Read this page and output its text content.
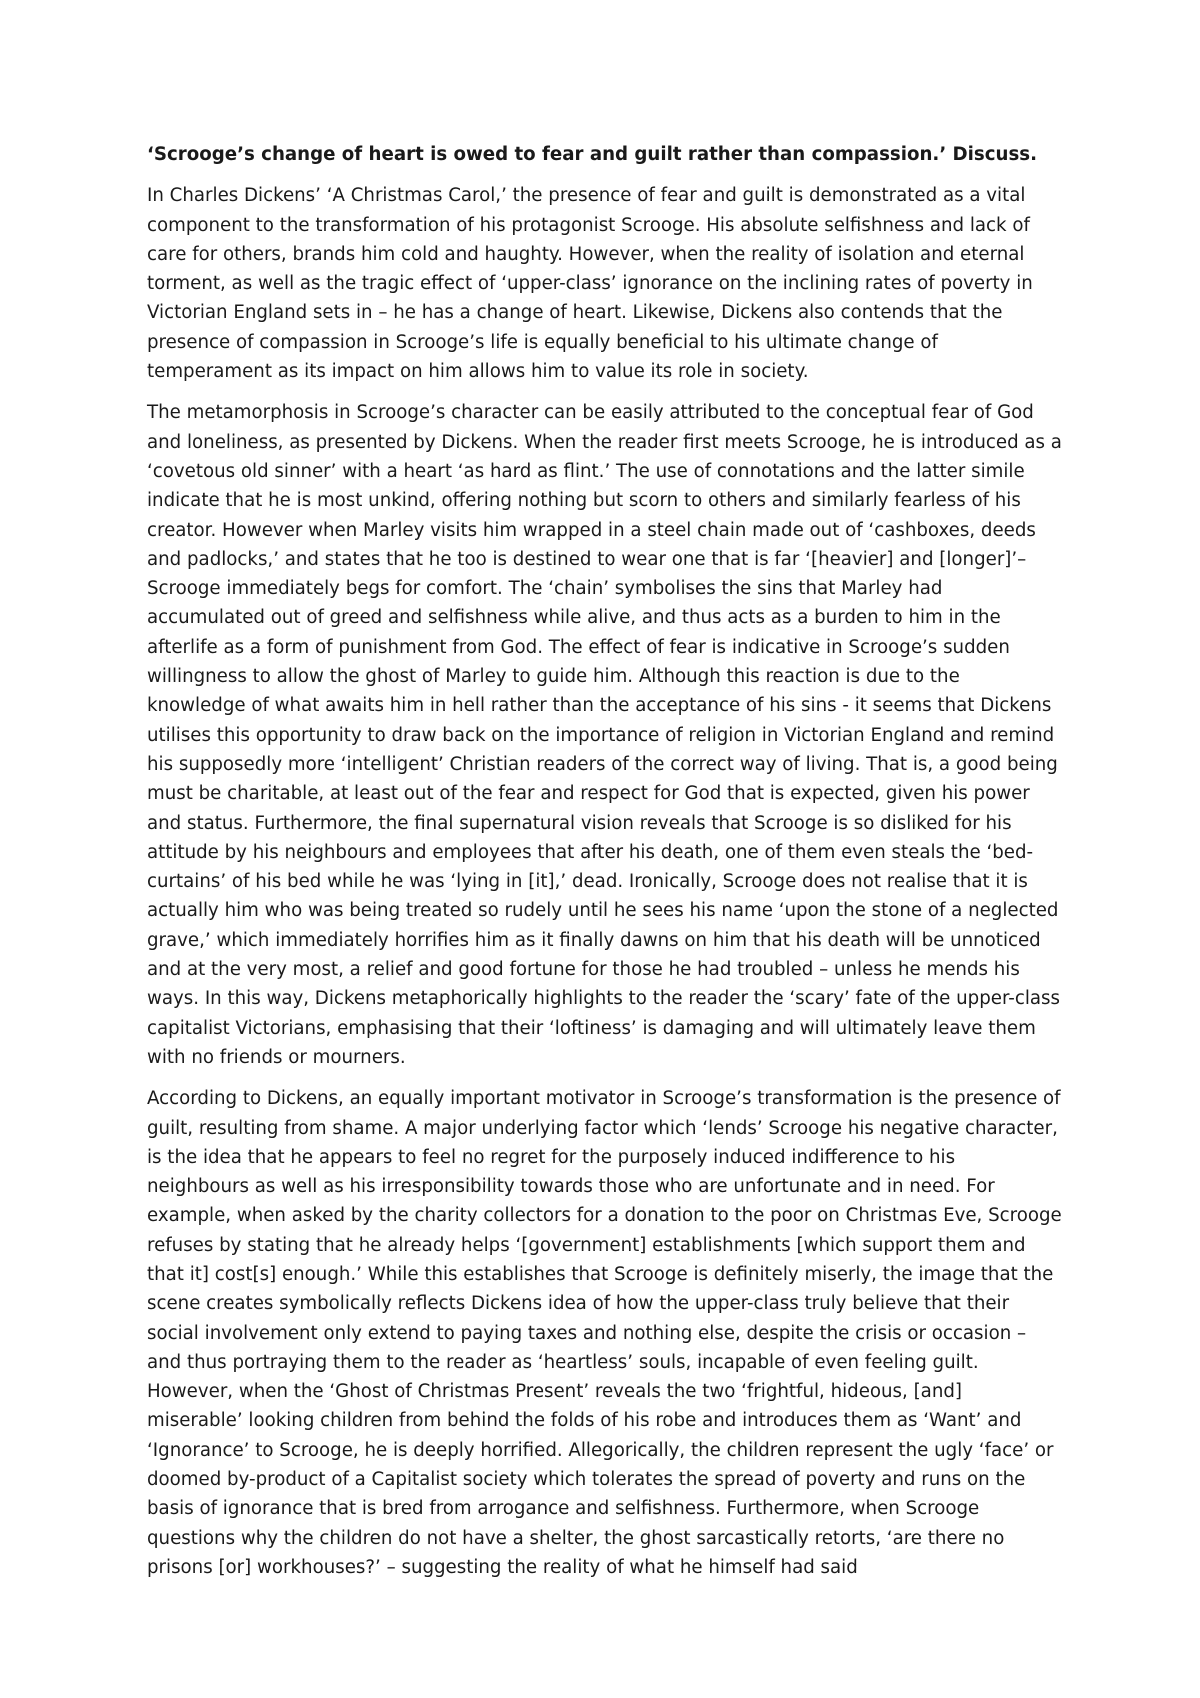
‘Scrooge’s change of heart is owed to fear and guilt rather than compassion.’ Discuss.

In Charles Dickens’ ‘A Christmas Carol,’ the presence of fear and guilt is demonstrated as a vital component to the transformation of his protagonist Scrooge. His absolute selfishness and lack of care for others, brands him cold and haughty. However, when the reality of isolation and eternal torment, as well as the tragic effect of ‘upper-class’ ignorance on the inclining rates of poverty in Victorian England sets in – he has a change of heart. Likewise, Dickens also contends that the presence of compassion in Scrooge’s life is equally beneficial to his ultimate change of temperament as its impact on him allows him to value its role in society.

The metamorphosis in Scrooge’s character can be easily attributed to the conceptual fear of God and loneliness, as presented by Dickens. When the reader first meets Scrooge, he is introduced as a ‘covetous old sinner’ with a heart ‘as hard as flint.’ The use of connotations and the latter simile indicate that he is most unkind, offering nothing but scorn to others and similarly fearless of his creator. However when Marley visits him wrapped in a steel chain made out of ‘cashboxes, deeds and padlocks,’ and states that he too is destined to wear one that is far ‘[heavier] and [longer]’– Scrooge immediately begs for comfort. The ‘chain’ symbolises the sins that Marley had accumulated out of greed and selfishness while alive, and thus acts as a burden to him in the afterlife as a form of punishment from God. The effect of fear is indicative in Scrooge’s sudden willingness to allow the ghost of Marley to guide him. Although this reaction is due to the knowledge of what awaits him in hell rather than the acceptance of his sins - it seems that Dickens utilises this opportunity to draw back on the importance of religion in Victorian England and remind his supposedly more ‘intelligent’ Christian readers of the correct way of living. That is, a good being must be charitable, at least out of the fear and respect for God that is expected, given his power and status. Furthermore, the final supernatural vision reveals that Scrooge is so disliked for his attitude by his neighbours and employees that after his death, one of them even steals the ‘bed-curtains’ of his bed while he was ‘lying in [it],’ dead. Ironically, Scrooge does not realise that it is actually him who was being treated so rudely until he sees his name ‘upon the stone of a neglected grave,’ which immediately horrifies him as it finally dawns on him that his death will be unnoticed and at the very most, a relief and good fortune for those he had troubled – unless he mends his ways. In this way, Dickens metaphorically highlights to the reader the ‘scary’ fate of the upper-class capitalist Victorians, emphasising that their ‘loftiness’ is damaging and will ultimately leave them with no friends or mourners.

According to Dickens, an equally important motivator in Scrooge’s transformation is the presence of guilt, resulting from shame. A major underlying factor which ‘lends’ Scrooge his negative character, is the idea that he appears to feel no regret for the purposely induced indifference to his neighbours as well as his irresponsibility towards those who are unfortunate and in need. For example, when asked by the charity collectors for a donation to the poor on Christmas Eve, Scrooge refuses by stating that he already helps ‘[government] establishments [which support them and that it] cost[s] enough.’ While this establishes that Scrooge is definitely miserly, the image that the scene creates symbolically reflects Dickens idea of how the upper-class truly believe that their social involvement only extend to paying taxes and nothing else, despite the crisis or occasion – and thus portraying them to the reader as ‘heartless’ souls, incapable of even feeling guilt. However, when the ‘Ghost of Christmas Present’ reveals the two ‘frightful, hideous, [and] miserable’ looking children from behind the folds of his robe and introduces them as ‘Want’ and ‘Ignorance’ to Scrooge, he is deeply horrified. Allegorically, the children represent the ugly ‘face’ or doomed by-product of a Capitalist society which tolerates the spread of poverty and runs on the basis of ignorance that is bred from arrogance and selfishness. Furthermore, when Scrooge questions why the children do not have a shelter, the ghost sarcastically retorts, ‘are there no prisons [or] workhouses?’ – suggesting the reality of what he himself had said
